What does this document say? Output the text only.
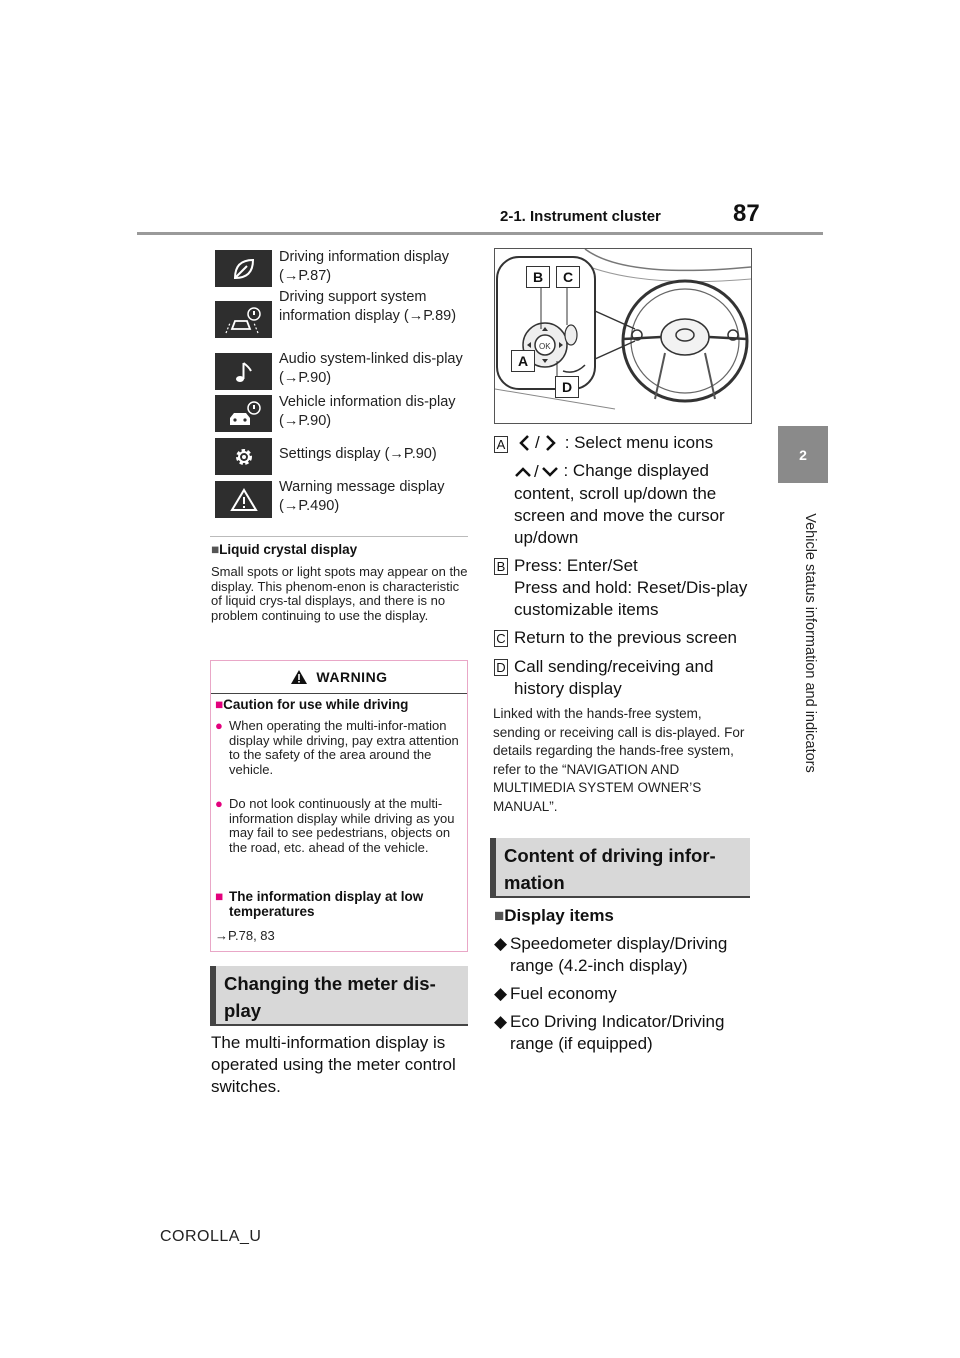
2-1. Instrument cluster	87
2
Vehicle status information and indicators
Driving information display (→P.87)
Driving support system information display (→P.89)
Audio system-linked dis-play (→P.90)
Vehicle information dis-play (→P.90)
Settings display (→P.90)
Warning message display (→P.490)
■Liquid crystal display
Small spots or light spots may appear on the display. This phenom-enon is characteristic of liquid crys-tal displays, and there is no problem continuing to use the display.
WARNING
■Caution for use while driving
● When operating the multi-infor-mation display while driving, pay extra attention to the safety of the area around the vehicle.
● Do not look continuously at the multi-information display while driving as you may fail to see pedestrians, objects on the road, etc. ahead of the vehicle.
■ The information display at low temperatures
→P.78, 83
Changing the meter dis-play
The multi-information display is operated using the meter control switches.
OK
B	C
A
D
A / : Select menu icons
/ : Change displayed content, scroll up/down the screen and move the cursor up/down
B Press: Enter/Set
Press and hold: Reset/Dis-play customizable items
C Return to the previous screen
D Call sending/receiving and history display
Linked with the hands-free system, sending or receiving call is dis-played. For details regarding the hands-free system, refer to the “NAVIGATION AND MULTIMEDIA SYSTEM OWNER’S MANUAL”.
Content of driving infor-mation
■Display items
◆ Speedometer display/Driving range (4.2-inch display)
◆ Fuel economy
◆ Eco Driving Indicator/Driving range (if equipped)
COROLLA_U
